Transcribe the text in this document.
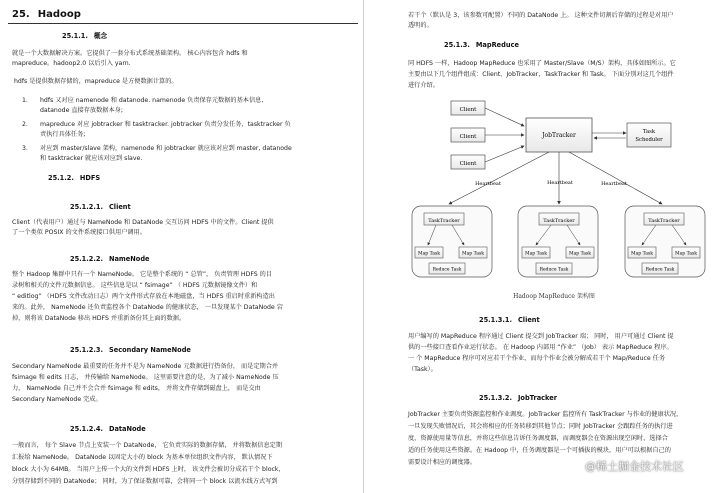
25. Hadoop
25.1.1. 概念
就是一个大数据解决方案。它提供了一套分布式系统基础架构。 核心内容包含 hdfs 和
mapreduce。hadoop2.0 以后引入 yarn.
hdfs 是提供数据存储的，mapreduce 是方便数据计算的。
1. hdfs 又对应 namenode 和 datanode. namenode 负责保存元数据的基本信息,
datanode 直接存放数据本身;
2. mapreduce 对应 jobtracker 和 tasktracker. jobtracker 负责分发任务，tasktracker 负
责执行具体任务;
3. 对应到 master/slave 架构，namenode 和 jobtracker 就应该对应到 master, datanode
和 tasktracker 就应该对应到 slave.
25.1.2. HDFS
25.1.2.1. Client
Client（代表用户）通过与 NameNode 和 DataNode 交互访问 HDFS 中的文件。Client 提供
了一个类似 POSIX 的文件系统接口供用户调用。
25.1.2.2. NameNode
整个 Hadoop 集群中只有一个 NameNode。 它是整个系统的 “ 总管”， 负责管理 HDFS 的目
录树和相关的文件元数据信息。 这些信息是以 “ fsimage” （ HDFS 元数据镜像文件）和
“ editlog” （HDFS 文件改动日志）两个文件形式存放在本地磁盘，当 HDFS 重启时重新构造出
来的。此外， NameNode 还负责监控各个 DataNode 的健康状态， 一旦发现某个 DataNode 宕
掉，则将该 DataNode 移出 HDFS 并重新备份其上面的数据。
25.1.2.3. Secondary NameNode
Secondary NameNode 最重要的任务并不是为 NameNode 元数据进行热备份， 而是定期合并
fsimage 和 edits 日志， 并传输给 NameNode。 这里需要注意的是，为了减小 NameNode 压
力， NameNode 自己并不会合并 fsimage 和 edits， 并将文件存储到磁盘上， 而是交由
Secondary NameNode 完成。
25.1.2.4. DataNode
一般而言， 每个 Slave 节点上安装一个 DataNode， 它负责实际的数据存储， 并将数据信息定期
汇报给 NameNode。 DataNode 以固定大小的 block 为基本单位组织文件内容， 默认情况下
block 大小为 64MB。 当用户上传一个大的文件到 HDFS 上时， 该文件会被切分成若干个 block，
分别存储到不同的 DataNode； 同时，为了保证数据可靠，会将同一个 block 以流水线方式写到
若干个（默认是 3，该参数可配置）不同的 DataNode 上。 这种文件切割后存储的过程是对用户
透明的。
25.1.3. MapReduce
同 HDFS 一样，Hadoop MapReduce 也采用了 Master/Slave（M/S）架构，具体如图所示。它
主要由以下几个组件组成：Client、JobTracker、TaskTracker 和 Task。 下面分别对这几个组件
进行介绍。
Client
Client
Client
JobTracker	Task
Scheduler
Heartbeat	Heartbeat	Heartbeat
TaskTracker
Map Task	Map Task
Reduce Task
TaskTracker
Map Task	Map Task
Reduce Task
TaskTracker
Map Task	Map Task
Reduce Task
Hadoop MapReduce 架构图
25.1.3.1. Client
用户编写的 MapReduce 程序通过 Client 提交到 JobTracker 端； 同时， 用户可通过 Client 提
供的一些接口查看作业运行状态。 在 Hadoop 内部用 “作业” （Job） 表示 MapReduce 程序。
一 个 MapReduce 程序可对应若干个作业，而每个作业会被分解成若干个 Map/Reduce 任务
（Task）。
25.1.3.2. JobTracker
JobTracker 主要负责资源监控和作业调度。JobTracker 监控所有 TaskTracker 与作业的健康状况，
一旦发现失败情况后，其会将相应的任务转移到其他节点；同时 JobTracker 会跟踪任务的执行进
度、资源使用量等信息，并将这些信息告诉任务调度器，而调度器会在资源出现空闲时，选择合
适的任务使用这些资源。在 Hadoop 中，任务调度器是一个可插拔的模块，用户可以根据自己的
需要设计相应的调度器。	@稀土掘金技术社区
